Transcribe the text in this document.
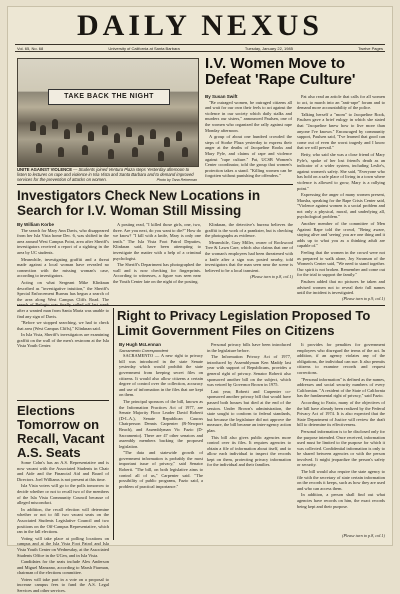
DAILY NEXUS
Vol. 65, No. 68	University of California at Santa Barbara	Tuesday, January 22, 1985	Twelve Pages
TAKE BACK THE NIGHT
UNITE AGAINST VIOLENCE — Students joined Ventura Plaza steps Yesterday afternoon to listen to lectures on rape and violence in Isla Vista and Santa Barbara and to demand improved services for the prevention of attacks on women.	Photo by Tana Reineman
I.V. Women Move to Defeat 'Rape Culture'
By Susan Swift

"Be outraged women, be outraged citizens all and wait for our own their feels to act against the violence in our society which daily stalks and murders our sisters," announced Paulsen, one of the women who organized the rally against rape Monday afternoon.

A group of about one hundred crowded the steps of Storke Plaza yesterday to express their anger at the deaths of Jacqueline Rooks and Mary Pyle, and claims of rape and violence against "rape culture." Pat, UCSB Women's Center coordinator, told the group that women's protection takes a stand. "Killing women can be forgotten without punishing the offenders."

Pat also read an article that calls for all women to act, to march into an "anti-rape" forum and to demand more accountability of the police.

Talking herself a "mom" to Jacqueline Rook, Paulsen gave a brief eulogy in which she stated that "Jacqueline knew how to live more than anyone I've known." Encouraged by community support, Paulsen said, "I've learned that good can come out of even the worst tragedy and I know that we will prevail."

Betty, who said she was a close friend of Mary Pyle's, spoke of her lost friend's death as an indicator of a wider system, including Leslie's, against women's safety. She said, "Everyone who has hold on a safe place of living in a town where violence is allowed to grow, Mary is a rallying point."

Expressing the anger of many women present, Marsha, speaking for the Rape Crisis Center said, "Violence against women is a social problem and not only a physical, moral, and underlying all, psychological problem."

Another member of the committee of Men Against Rape told the crowd, "Being aware, staying alive and 'seeing' you are one thing and it adds up to what you as a thinking adult are capable of."

Feeling that the women in the crowd were not as prepared to walk alone, Joy Swanson of the Women's Center said, "We need to stand together. Our spirit is not broken. Remember and come out for the trial to support the family."

Paulsen added that no pictures be taken and advised women not to reveal their full names until the incident is investigated.

(Please turn to p.9, col.1)
Investigators Check New Locations in Search for I.V. Woman Still Missing
By William Korbe

The search for Mary Ann Davis, who disappeared from her Isla Vista home Dec. 6, was shifted in the area around West Campus Point, area after Sheriff's investigators received a report of a sighting in the area by UC students.

Meanwhile, investigating graffiti and a threat made against a local woman have revealed no connection with the missing woman's case, according to investigators.

Acting on what Sergeant Mike Klinknan described as "investigative intuition," the Sheriff's Special Enforcement Bureau has begun a search of the area along West Campus Cliffs Road. The after a wanted man from Santa Maria was unable to find any sign of Davis.

"Before we stopped searching, we had to check that area (West Campus Cliffs)," Klinknan said.

In Isla Vista, Sheriff's investigators are examining graffiti on the wall of the men's restroom at the Isla Vista Youth Center.

A posting read, "I killed those girls, one, two, three. Are you next, do you want to die?" How do we know? "I kill with a knife, Mary is only one tenth." The Isla Vista Foot Patrol Deputies, Klinknan said, have been attempting to investigate the matter with a help of a criminal psychologist.

The Sheriff's Department has photographed the wall and is now checking for fingerprints. According to witnesses, a figure was seen near the Youth Center late on the night of the posting.

Klinknan, the detective's bureau believes the graffiti is the work of a prankster, but is checking the photographs as evidence.

Meanwhile, Gary Miller, owner of Rockwood Tree & Lawn Care, which also claims that one of the woman's employees had been threatened with a knife after a sign was posted nearby, told investigators that the man seen near the scene is believed to be a local transient.

(Please turn to p.8, col.1)
Right to Privacy Legislation Proposed To Limit Government Files on Citizens
By Hugh McLennan
Sacramento Correspondent

SACRAMENTO — A new right to privacy bill was introduced in the state Senate yesterday which would prohibit the state government from keeping secret files on citizens. It would also allow citizens a certain degree of control over the collection, accuracy and use of information in the files that are kept on them.

The principal sponsors of the bill, known as the Information Practices Act of 1977, are Senate Majority Floor Leader David Roberti (D-L.A.), Senate Republican Caucus Chairperson Dennis Carpenter (R-Newport Beach), and Assemblyman Vic Fazio (D-Sacramento). There are 47 other senators and assembly members backing the proposed legislation.

"The data and statewide growth of government information is probably the most important issue of privacy," said Senator Roberti. "The bill, on both legislative aims to control all of us," Carpenter said. "The possibility of public programs, Fazio said, a problem of practical importance."

Personal privacy bills have been introduced in the legislature before.

The Information Privacy Act of 1977, introduced by Assemblyman Ken Maddy last year with support of Republicans, provides a general right of privacy. Senator Roberti also sponsored another bill on the subject, which was vetoed by Governor Brown in 1975.

Last year, Roberti and Carpenter co-sponsored another privacy bill that would have passed both houses but died at the end of the session. Under Brown's administration, the state sought to conform to federal standards, but because the legislature did not approve the measure, the bill became an inter-agency action plan.

This bill also gives public agencies more control over its files. It requires agencies to obtain a file of information about itself, and to allow each individual to inspect the records kept on them, protecting privacy information for the individual and their families.

It provides for penalties for government employees who disregard the terms of the act. In addition, if an agency violates any of the obligations, the individual can sue. It also permits citizens to examine records and request corrections.

"Personal information" is defined as the names, addresses and social security numbers of every Californian. "A resident of the State of California has the fundamental right of privacy," said Fazio.

According to Fazio, many of the objectives of the bill have already been realized by the Federal Privacy Act of 1974. It is also expected that the State Department of Justice will review the draft bill to determine its effectiveness.

Personal information is to be disclosed only for the purpose intended. Once received, information used must be limited to the purpose for which it was collected. Confidential information is only to be shared between agencies or with the person involved. It might jeopardize the person's safety or security.

The bill would also require the state agency to file with the secretary of state certain information on the records it keeps, such as how they are used and who can access them.

In addition, a person shall find out what agencies have records on him, the exact records being kept and their purpose.

(Please turn to p.8, col.1)
Elections Tomorrow on Recall, Vacant A.S. Seats

Some Cohn's has an A.S. Representative and is now vacant with the Associated Students in Chair and Aide and the Financial Aid and Board of Directors. Joel Williams is not present at this time.

Isla Vista voters will go to the polls tomorrow to decide whether or not to recall two of the members of the Isla Vista Community Council because of alleged misconduct.

In addition, the recall election will determine whether or not to fill two vacant seats on the Associated Students Legislative Council and two positions on the Off-Campus Representative, which ran in the fall elections.

Voting will take place at polling locations on campus and at the Isla Vista Foot Patrol and Isla Vista Youth Center on Wednesday, at the Associated Students Office in the UCen, and in Isla Vista.

Candidates for the seats include Alex Anderson and Miguel Manzano, according to Marsh Fiarman, chairman of the elections committee.

Voters will take part in a vote on a proposal to increase campus fees to fund the A.S. Legal Services and other services.
